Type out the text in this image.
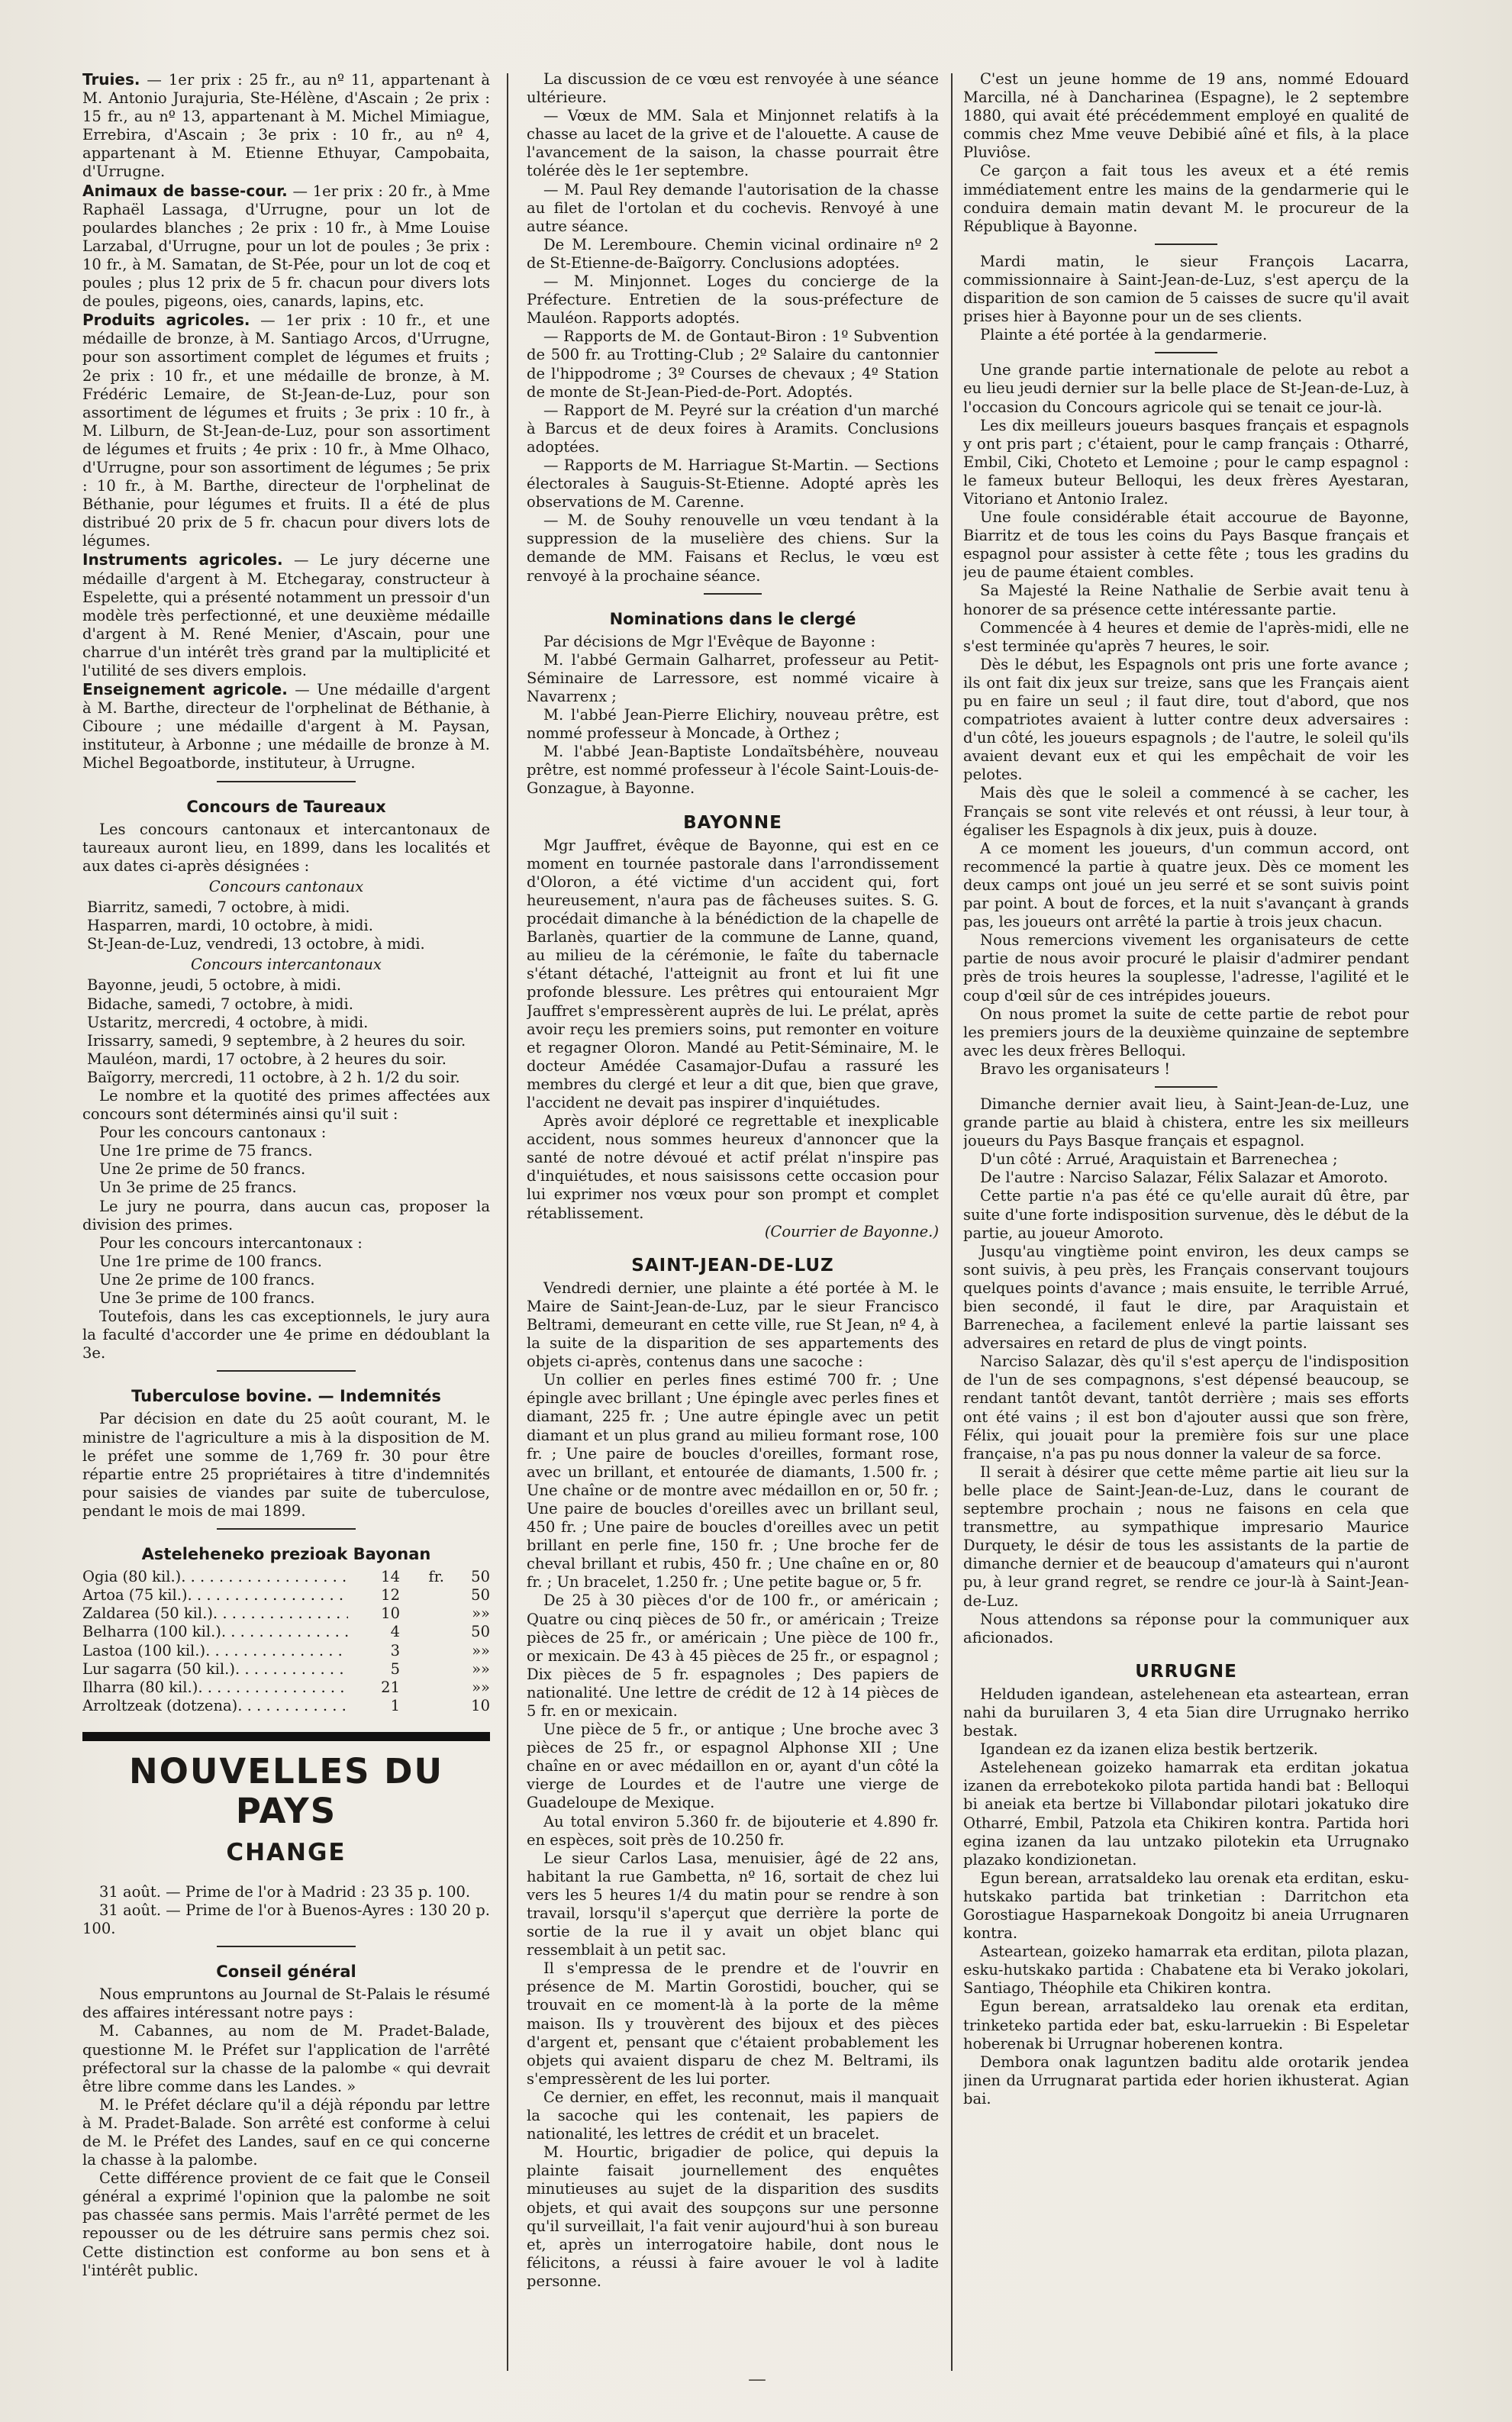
Truies. — 1er prix : 25 fr., au nº 11, appartenant à M. Antonio Jurajuria, Ste-Hélène, d'Ascain ; 2e prix : 15 fr., au nº 13, appartenant à M. Michel Mimiague, Errebira, d'Ascain ; 3e prix : 10 fr., au nº 4, appartenant à M. Etienne Ethuyar, Campobaita, d'Urrugne.

Animaux de basse-cour. — 1er prix : 20 fr., à Mme Raphaël Lassaga, d'Urrugne, pour un lot de poulardes blanches ; 2e prix : 10 fr., à Mme Louise Larzabal, d'Urrugne, pour un lot de poules ; 3e prix : 10 fr., à M. Samatan, de St-Pée, pour un lot de coq et poules ; plus 12 prix de 5 fr. chacun pour divers lots de poules, pigeons, oies, canards, lapins, etc.

Produits agricoles. — 1er prix : 10 fr., et une médaille de bronze, à M. Santiago Arcos, d'Urrugne, pour son assortiment complet de légumes et fruits ; 2e prix : 10 fr., et une médaille de bronze, à M. Frédéric Lemaire, de St-Jean-de-Luz, pour son assortiment de légumes et fruits ; 3e prix : 10 fr., à M. Lilburn, de St-Jean-de-Luz, pour son assortiment de légumes et fruits ; 4e prix : 10 fr., à Mme Olhaco, d'Urrugne, pour son assortiment de légumes ; 5e prix : 10 fr., à M. Barthe, directeur de l'orphelinat de Béthanie, pour légumes et fruits. Il a été de plus distribué 20 prix de 5 fr. chacun pour divers lots de légumes.

Instruments agricoles. — Le jury décerne une médaille d'argent à M. Etchegaray, constructeur à Espelette, qui a présenté notamment un pressoir d'un modèle très perfectionné, et une deuxième médaille d'argent à M. René Menier, d'Ascain, pour une charrue d'un intérêt très grand par la multiplicité et l'utilité de ses divers emplois.

Enseignement agricole. — Une médaille d'argent à M. Barthe, directeur de l'orphelinat de Béthanie, à Ciboure ; une médaille d'argent à M. Paysan, instituteur, à Arbonne ; une médaille de bronze à M. Michel Begoatborde, instituteur, à Urrugne.

Concours de Taureaux

Les concours cantonaux et intercantonaux de taureaux auront lieu, en 1899, dans les localités et aux dates ci-après désignées :

Concours cantonaux

Biarritz, samedi, 7 octobre, à midi.

Hasparren, mardi, 10 octobre, à midi.

St-Jean-de-Luz, vendredi, 13 octobre, à midi.

Concours intercantonaux

Bayonne, jeudi, 5 octobre, à midi.

Bidache, samedi, 7 octobre, à midi.

Ustaritz, mercredi, 4 octobre, à midi.

Irissarry, samedi, 9 septembre, à 2 heures du soir.

Mauléon, mardi, 17 octobre, à 2 heures du soir.

Baïgorry, mercredi, 11 octobre, à 2 h. 1/2 du soir.

Le nombre et la quotité des primes affectées aux concours sont déterminés ainsi qu'il suit :

Pour les concours cantonaux :

Une 1re prime de 75 francs.

Une 2e prime de 50 francs.

Un 3e prime de 25 francs.

Le jury ne pourra, dans aucun cas, proposer la division des primes.

Pour les concours intercantonaux :

Une 1re prime de 100 francs.

Une 2e prime de 100 francs.

Une 3e prime de 100 francs.

Toutefois, dans les cas exceptionnels, le jury aura la faculté d'accorder une 4e prime en dédoublant la 3e.

Tuberculose bovine. — Indemnités

Par décision en date du 25 août courant, M. le ministre de l'agriculture a mis à la disposition de M. le préfet une somme de 1,769 fr. 30 pour être répartie entre 25 propriétaires à titre d'indemnités pour saisies de viandes par suite de tuberculose, pendant le mois de mai 1899.

Asteleheneko prezioak Bayonan
Ogia (80 kil.) . . .	14	fr.	50
Artoa (75 kil.) . . .	12	50
Zaldarea (50 kil.) . . .	10	»»
Belharra (100 kil.) . . .	4	50
Lastoa (100 kil.) . . .	3	»»
Lur sagarra (50 kil.) . . .	5	»»
Ilharra (80 kil.) . . .	21	»»
Arroltzeak (dotzena) . . .	1	10
NOUVELLES DU PAYS
CHANGE

31 août. — Prime de l'or à Madrid : 23 35 p. 100.

31 août. — Prime de l'or à Buenos-Ayres : 130 20 p. 100.

Conseil général

Nous empruntons au Journal de St-Palais le résumé des affaires intéressant notre pays :

M. Cabannes, au nom de M. Pradet-Balade, questionne M. le Préfet sur l'application de l'arrêté préfectoral sur la chasse de la palombe « qui devrait être libre comme dans les Landes. »

M. le Préfet déclare qu'il a déjà répondu par lettre à M. Pradet-Balade. Son arrêté est conforme à celui de M. le Préfet des Landes, sauf en ce qui concerne la chasse à la palombe.

Cette différence provient de ce fait que le Conseil général a exprimé l'opinion que la palombe ne soit pas chassée sans permis. Mais l'arrêté permet de les repousser ou de les détruire sans permis chez soi. Cette distinction est conforme au bon sens et à l'intérêt public.

La discussion de ce vœu est renvoyée à une séance ultérieure.

— Vœux de MM. Sala et Minjonnet relatifs à la chasse au lacet de la grive et de l'alouette. A cause de l'avancement de la saison, la chasse pourrait être tolérée dès le 1er septembre.

— M. Paul Rey demande l'autorisation de la chasse au filet de l'ortolan et du cochevis. Renvoyé à une autre séance.

De M. Leremboure. Chemin vicinal ordinaire nº 2 de St-Etienne-de-Baïgorry. Conclusions adoptées.

— M. Minjonnet. Loges du concierge de la Préfecture. Entretien de la sous-préfecture de Mauléon. Rapports adoptés.

— Rapports de M. de Gontaut-Biron : 1º Subvention de 500 fr. au Trotting-Club ; 2º Salaire du cantonnier de l'hippodrome ; 3º Courses de chevaux ; 4º Station de monte de St-Jean-Pied-de-Port. Adoptés.

— Rapport de M. Peyré sur la création d'un marché à Barcus et de deux foires à Aramits. Conclusions adoptées.

— Rapports de M. Harriague St-Martin. — Sections électorales à Sauguis-St-Etienne. Adopté après les observations de M. Carenne.

— M. de Souhy renouvelle un vœu tendant à la suppression de la muselière des chiens. Sur la demande de MM. Faisans et Reclus, le vœu est renvoyé à la prochaine séance.

Nominations dans le clergé

Par décisions de Mgr l'Evêque de Bayonne :

M. l'abbé Germain Galharret, professeur au Petit-Séminaire de Larressore, est nommé vicaire à Navarrenx ;

M. l'abbé Jean-Pierre Elichiry, nouveau prêtre, est nommé professeur à Moncade, à Orthez ;

M. l'abbé Jean-Baptiste Londaïtsbéhère, nouveau prêtre, est nommé professeur à l'école Saint-Louis-de-Gonzague, à Bayonne.

BAYONNE

Mgr Jauffret, évêque de Bayonne, qui est en ce moment en tournée pastorale dans l'arrondissement d'Oloron, a été victime d'un accident qui, fort heureusement, n'aura pas de fâcheuses suites. S. G. procédait dimanche à la bénédiction de la chapelle de Barlanès, quartier de la commune de Lanne, quand, au milieu de la cérémonie, le faîte du tabernacle s'étant détaché, l'atteignit au front et lui fit une profonde blessure. Les prêtres qui entouraient Mgr Jauffret s'empressèrent auprès de lui. Le prélat, après avoir reçu les premiers soins, put remonter en voiture et regagner Oloron. Mandé au Petit-Séminaire, M. le docteur Amédée Casamajor-Dufau a rassuré les membres du clergé et leur a dit que, bien que grave, l'accident ne devait pas inspirer d'inquiétudes.

Après avoir déploré ce regrettable et inexplicable accident, nous sommes heureux d'annoncer que la santé de notre dévoué et actif prélat n'inspire pas d'inquiétudes, et nous saisissons cette occasion pour lui exprimer nos vœux pour son prompt et complet rétablissement.

(Courrier de Bayonne.)

SAINT-JEAN-DE-LUZ

Vendredi dernier, une plainte a été portée à M. le Maire de Saint-Jean-de-Luz, par le sieur Francisco Beltrami, demeurant en cette ville, rue St Jean, nº 4, à la suite de la disparition de ses appartements des objets ci-après, contenus dans une sacoche :

Un collier en perles fines estimé 700 fr. ; Une épingle avec brillant ; Une épingle avec perles fines et diamant, 225 fr. ; Une autre épingle avec un petit diamant et un plus grand au milieu formant rose, 100 fr. ; Une paire de boucles d'oreilles, formant rose, avec un brillant, et entourée de diamants, 1.500 fr. ; Une chaîne or de montre avec médaillon en or, 50 fr. ; Une paire de boucles d'oreilles avec un brillant seul, 450 fr. ; Une paire de boucles d'oreilles avec un petit brillant en perle fine, 150 fr. ; Une broche fer de cheval brillant et rubis, 450 fr. ; Une chaîne en or, 80 fr. ; Un bracelet, 1.250 fr. ; Une petite bague or, 5 fr.

De 25 à 30 pièces d'or de 100 fr., or américain ; Quatre ou cinq pièces de 50 fr., or américain ; Treize pièces de 25 fr., or américain ; Une pièce de 100 fr., or mexicain. De 43 à 45 pièces de 25 fr., or espagnol ; Dix pièces de 5 fr. espagnoles ; Des papiers de nationalité. Une lettre de crédit de 12 à 14 pièces de 5 fr. en or mexicain.

Une pièce de 5 fr., or antique ; Une broche avec 3 pièces de 25 fr., or espagnol Alphonse XII ; Une chaîne en or avec médaillon en or, ayant d'un côté la vierge de Lourdes et de l'autre une vierge de Guadeloupe de Mexique.

Au total environ 5.360 fr. de bijouterie et 4.890 fr. en espèces, soit près de 10.250 fr.

Le sieur Carlos Lasa, menuisier, âgé de 22 ans, habitant la rue Gambetta, nº 16, sortait de chez lui vers les 5 heures 1/4 du matin pour se rendre à son travail, lorsqu'il s'aperçut que derrière la porte de sortie de la rue il y avait un objet blanc qui ressemblait à un petit sac.

Il s'empressa de le prendre et de l'ouvrir en présence de M. Martin Gorostidi, boucher, qui se trouvait en ce moment-là à la porte de la même maison. Ils y trouvèrent des bijoux et des pièces d'argent et, pensant que c'étaient probablement les objets qui avaient disparu de chez M. Beltrami, ils s'empressèrent de les lui porter.

Ce dernier, en effet, les reconnut, mais il manquait la sacoche qui les contenait, les papiers de nationalité, les lettres de crédit et un bracelet.

M. Hourtic, brigadier de police, qui depuis la plainte faisait journellement des enquêtes minutieuses au sujet de la disparition des susdits objets, et qui avait des soupçons sur une personne qu'il surveillait, l'a fait venir aujourd'hui à son bureau et, après un interrogatoire habile, dont nous le félicitons, a réussi à faire avouer le vol à ladite personne.

C'est un jeune homme de 19 ans, nommé Edouard Marcilla, né à Dancharinea (Espagne), le 2 septembre 1880, qui avait été précédemment employé en qualité de commis chez Mme veuve Debibié aîné et fils, à la place Pluviôse.

Ce garçon a fait tous les aveux et a été remis immédiatement entre les mains de la gendarmerie qui le conduira demain matin devant M. le procureur de la République à Bayonne.

Mardi matin, le sieur François Lacarra, commissionnaire à Saint-Jean-de-Luz, s'est aperçu de la disparition de son camion de 5 caisses de sucre qu'il avait prises hier à Bayonne pour un de ses clients.

Plainte a été portée à la gendarmerie.

Une grande partie internationale de pelote au rebot a eu lieu jeudi dernier sur la belle place de St-Jean-de-Luz, à l'occasion du Concours agricole qui se tenait ce jour-là.

Les dix meilleurs joueurs basques français et espagnols y ont pris part ; c'étaient, pour le camp français : Otharré, Embil, Ciki, Choteto et Lemoine ; pour le camp espagnol : le fameux buteur Belloqui, les deux frères Ayestaran, Vitoriano et Antonio Iralez.

Une foule considérable était accourue de Bayonne, Biarritz et de tous les coins du Pays Basque français et espagnol pour assister à cette fête ; tous les gradins du jeu de paume étaient combles.

Sa Majesté la Reine Nathalie de Serbie avait tenu à honorer de sa présence cette intéressante partie.

Commencée à 4 heures et demie de l'après-midi, elle ne s'est terminée qu'après 7 heures, le soir.

Dès le début, les Espagnols ont pris une forte avance ; ils ont fait dix jeux sur treize, sans que les Français aient pu en faire un seul ; il faut dire, tout d'abord, que nos compatriotes avaient à lutter contre deux adversaires : d'un côté, les joueurs espagnols ; de l'autre, le soleil qu'ils avaient devant eux et qui les empêchait de voir les pelotes.

Mais dès que le soleil a commencé à se cacher, les Français se sont vite relevés et ont réussi, à leur tour, à égaliser les Espagnols à dix jeux, puis à douze.

A ce moment les joueurs, d'un commun accord, ont recommencé la partie à quatre jeux. Dès ce moment les deux camps ont joué un jeu serré et se sont suivis point par point. A bout de forces, et la nuit s'avançant à grands pas, les joueurs ont arrêté la partie à trois jeux chacun.

Nous remercions vivement les organisateurs de cette partie de nous avoir procuré le plaisir d'admirer pendant près de trois heures la souplesse, l'adresse, l'agilité et le coup d'œil sûr de ces intrépides joueurs.

On nous promet la suite de cette partie de rebot pour les premiers jours de la deuxième quinzaine de septembre avec les deux frères Belloqui.

Bravo les organisateurs !

Dimanche dernier avait lieu, à Saint-Jean-de-Luz, une grande partie au blaid à chistera, entre les six meilleurs joueurs du Pays Basque français et espagnol.

D'un côté : Arrué, Araquistain et Barrenechea ;

De l'autre : Narciso Salazar, Félix Salazar et Amoroto.

Cette partie n'a pas été ce qu'elle aurait dû être, par suite d'une forte indisposition survenue, dès le début de la partie, au joueur Amoroto.

Jusqu'au vingtième point environ, les deux camps se sont suivis, à peu près, les Français conservant toujours quelques points d'avance ; mais ensuite, le terrible Arrué, bien secondé, il faut le dire, par Araquistain et Barrenechea, a facilement enlevé la partie laissant ses adversaires en retard de plus de vingt points.

Narciso Salazar, dès qu'il s'est aperçu de l'indisposition de l'un de ses compagnons, s'est dépensé beaucoup, se rendant tantôt devant, tantôt derrière ; mais ses efforts ont été vains ; il est bon d'ajouter aussi que son frère, Félix, qui jouait pour la première fois sur une place française, n'a pas pu nous donner la valeur de sa force.

Il serait à désirer que cette même partie ait lieu sur la belle place de Saint-Jean-de-Luz, dans le courant de septembre prochain ; nous ne faisons en cela que transmettre, au sympathique impresario Maurice Durquety, le désir de tous les assistants de la partie de dimanche dernier et de beaucoup d'amateurs qui n'auront pu, à leur grand regret, se rendre ce jour-là à Saint-Jean-de-Luz.

Nous attendons sa réponse pour la communiquer aux aficionados.

URRUGNE

Helduden igandean, astelehenean eta asteartean, erran nahi da buruilaren 3, 4 eta 5ian dire Urrugnako herriko bestak.

Igandean ez da izanen eliza bestik bertzerik.

Astelehenean goizeko hamarrak eta erditan jokatua izanen da errebotekoko pilota partida handi bat : Belloqui bi aneiak eta bertze bi Villabondar pilotari jokatuko dire Otharré, Embil, Patzola eta Chikiren kontra. Partida hori egina izanen da lau untzako pilotekin eta Urrugnako plazako kondizionetan.

Egun berean, arratsaldeko lau orenak eta erditan, esku-hutskako partida bat trinketian : Darritchon eta Gorostiague Hasparnekoak Dongoitz bi aneia Urrugnaren kontra.

Asteartean, goizeko hamarrak eta erditan, pilota plazan, esku-hutskako partida : Chabatene eta bi Verako jokolari, Santiago, Théophile eta Chikiren kontra.

Egun berean, arratsaldeko lau orenak eta erditan, trinketeko partida eder bat, esku-larruekin : Bi Espeletar hoberenak bi Urrugnar hoberenen kontra.

Dembora onak laguntzen baditu alde orotarik jendea jinen da Urrugnarat partida eder horien ikhusterat. Agian bai.

—
